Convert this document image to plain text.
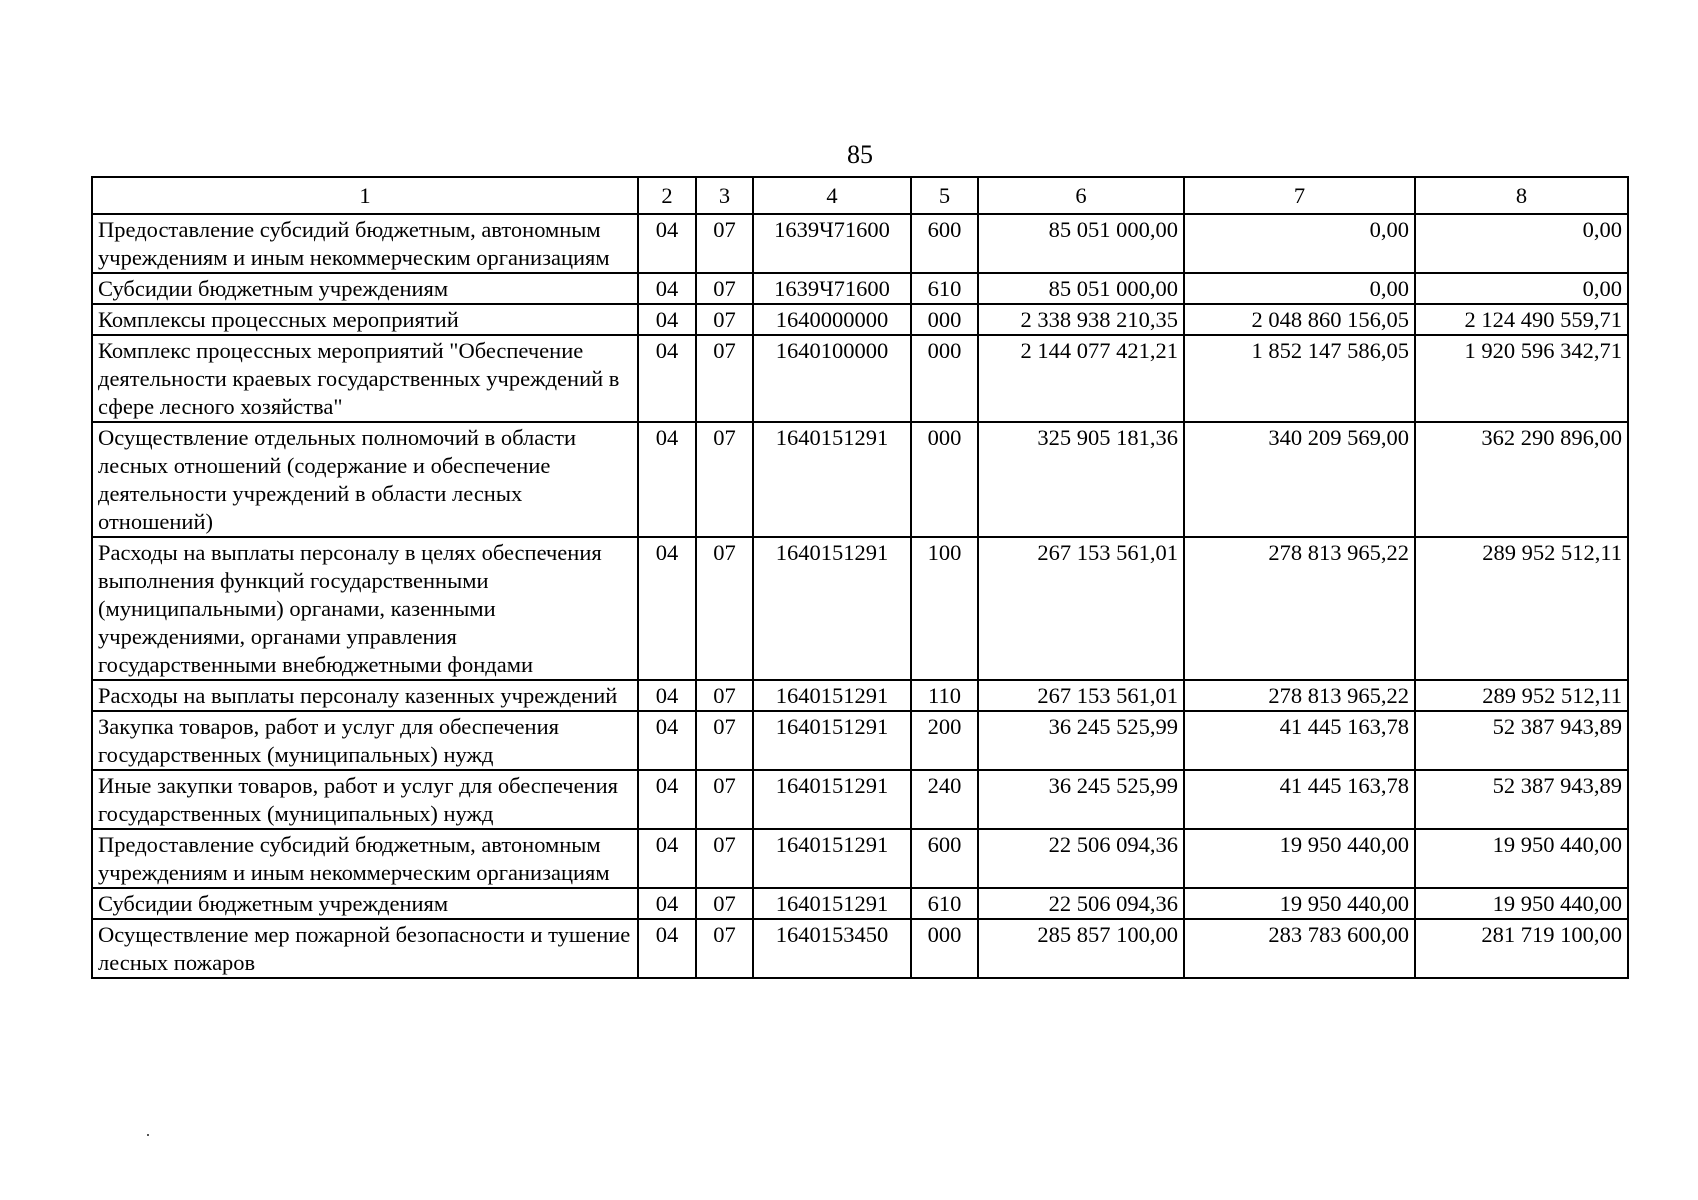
85
1	2	3	4	5	6	7	8
Предоставление субсидий бюджетным, автономным учреждениям и иным некоммерческим организациям	04	07	1639Ч71600	600	85 051 000,00	0,00	0,00
Субсидии бюджетным учреждениям	04	07	1639Ч71600	610	85 051 000,00	0,00	0,00
Комплексы процессных мероприятий	04	07	1640000000	000	2 338 938 210,35	2 048 860 156,05	2 124 490 559,71
Комплекс процессных мероприятий "Обеспечение деятельности краевых государственных учреждений в сфере лесного хозяйства"	04	07	1640100000	000	2 144 077 421,21	1 852 147 586,05	1 920 596 342,71
Осуществление отдельных полномочий в области лесных отношений (содержание и обеспечение деятельности учреждений в области лесных отношений)	04	07	1640151291	000	325 905 181,36	340 209 569,00	362 290 896,00
Расходы на выплаты персоналу в целях обеспечения выполнения функций государственными (муниципальными) органами, казенными учреждениями, органами управления государственными внебюджетными фондами	04	07	1640151291	100	267 153 561,01	278 813 965,22	289 952 512,11
Расходы на выплаты персоналу казенных учреждений	04	07	1640151291	110	267 153 561,01	278 813 965,22	289 952 512,11
Закупка товаров, работ и услуг для обеспечения государственных (муниципальных) нужд	04	07	1640151291	200	36 245 525,99	41 445 163,78	52 387 943,89
Иные закупки товаров, работ и услуг для обеспечения государственных (муниципальных) нужд	04	07	1640151291	240	36 245 525,99	41 445 163,78	52 387 943,89
Предоставление субсидий бюджетным, автономным учреждениям и иным некоммерческим организациям	04	07	1640151291	600	22 506 094,36	19 950 440,00	19 950 440,00
Субсидии бюджетным учреждениям	04	07	1640151291	610	22 506 094,36	19 950 440,00	19 950 440,00
Осуществление мер пожарной безопасности и тушение лесных пожаров	04	07	1640153450	000	285 857 100,00	283 783 600,00	281 719 100,00
